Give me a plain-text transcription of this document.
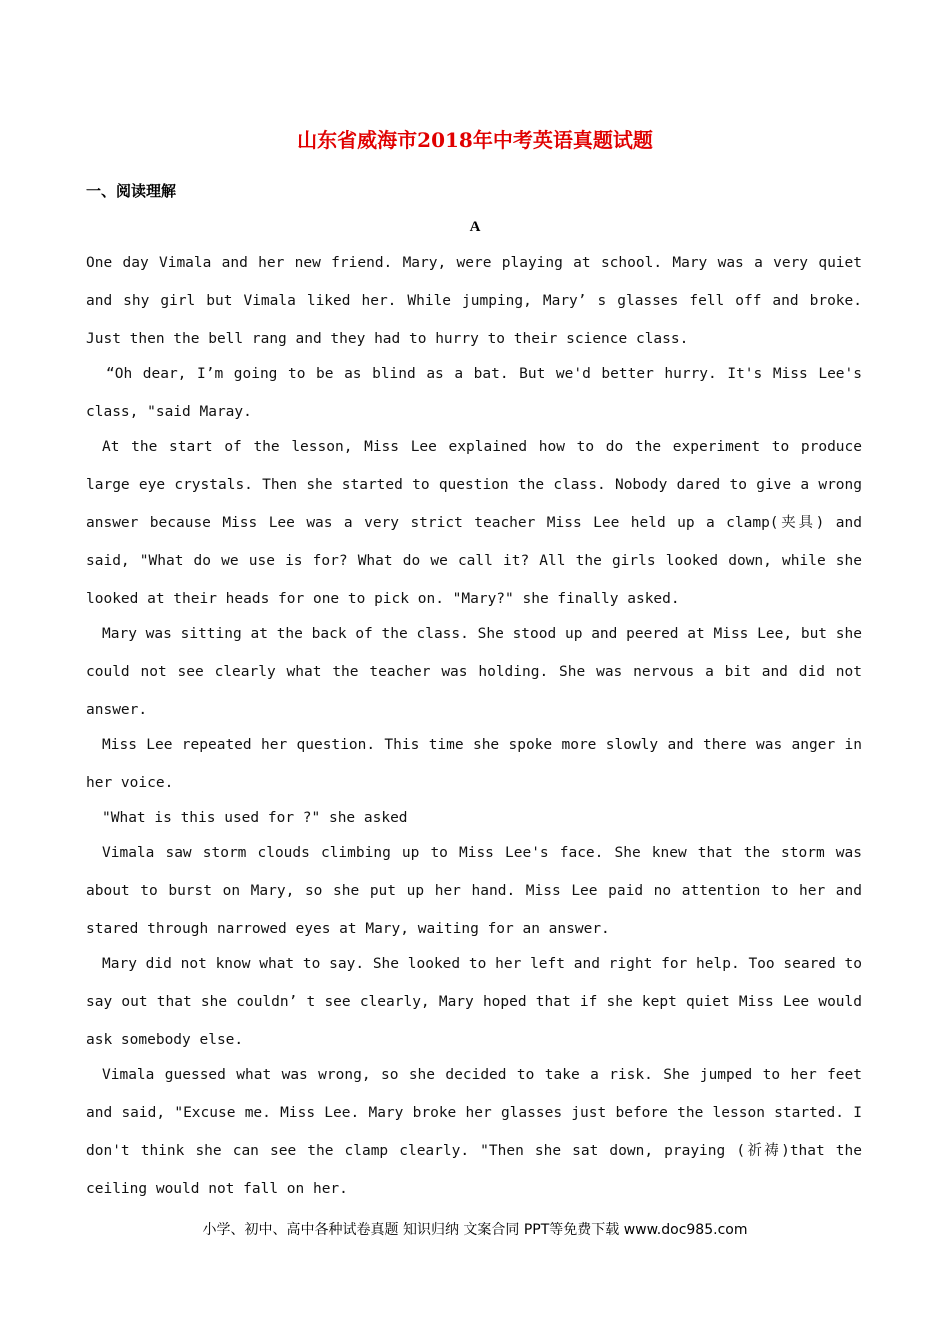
山东省威海市2018年中考英语真题试题
一、阅读理解
A

One day Vimala and her new friend. Mary, were playing at school. Mary was a very quiet and shy girl but Vimala liked her. While jumping, Mary’ s glasses fell off and broke. Just then the bell rang and they had to hurry to their science class.

“Oh dear, I’m going to be as blind as a bat. But we'd better hurry. It's Miss Lee's class, "said Maray.

At the start of the lesson, Miss Lee explained how to do the experiment to produce large eye crystals. Then she started to question the class. Nobody dared to give a wrong answer because Miss Lee was a very strict teacher Miss Lee held up a clamp(夹具) and said, "What do we use is for? What do we call it? All the girls looked down, while she looked at their heads for one to pick on. "Mary?" she finally asked.

Mary was sitting at the back of the class. She stood up and peered at Miss Lee, but she could not see clearly what the teacher was holding. She was nervous a bit and did not answer.

Miss Lee repeated her question. This time she spoke more slowly and there was anger in her voice.

"What is this used for ?" she asked

Vimala saw storm clouds climbing up to Miss Lee's face. She knew that the storm was about to burst on Mary, so she put up her hand. Miss Lee paid no attention to her and stared through narrowed eyes at Mary, waiting for an answer.

Mary did not know what to say. She looked to her left and right for help. Too seared to say out that she couldn’ t see clearly, Mary hoped that if she kept quiet Miss Lee would ask somebody else.

Vimala guessed what was wrong, so she decided to take a risk. She jumped to her feet and said, "Excuse me. Miss Lee. Mary broke her glasses just before the lesson started. I don't think she can see the clamp clearly. "Then she sat down, praying (祈祷)that the ceiling would not fall on her.

小学、初中、高中各种试卷真题 知识归纳 文案合同 PPT等免费下载 www.doc985.com
